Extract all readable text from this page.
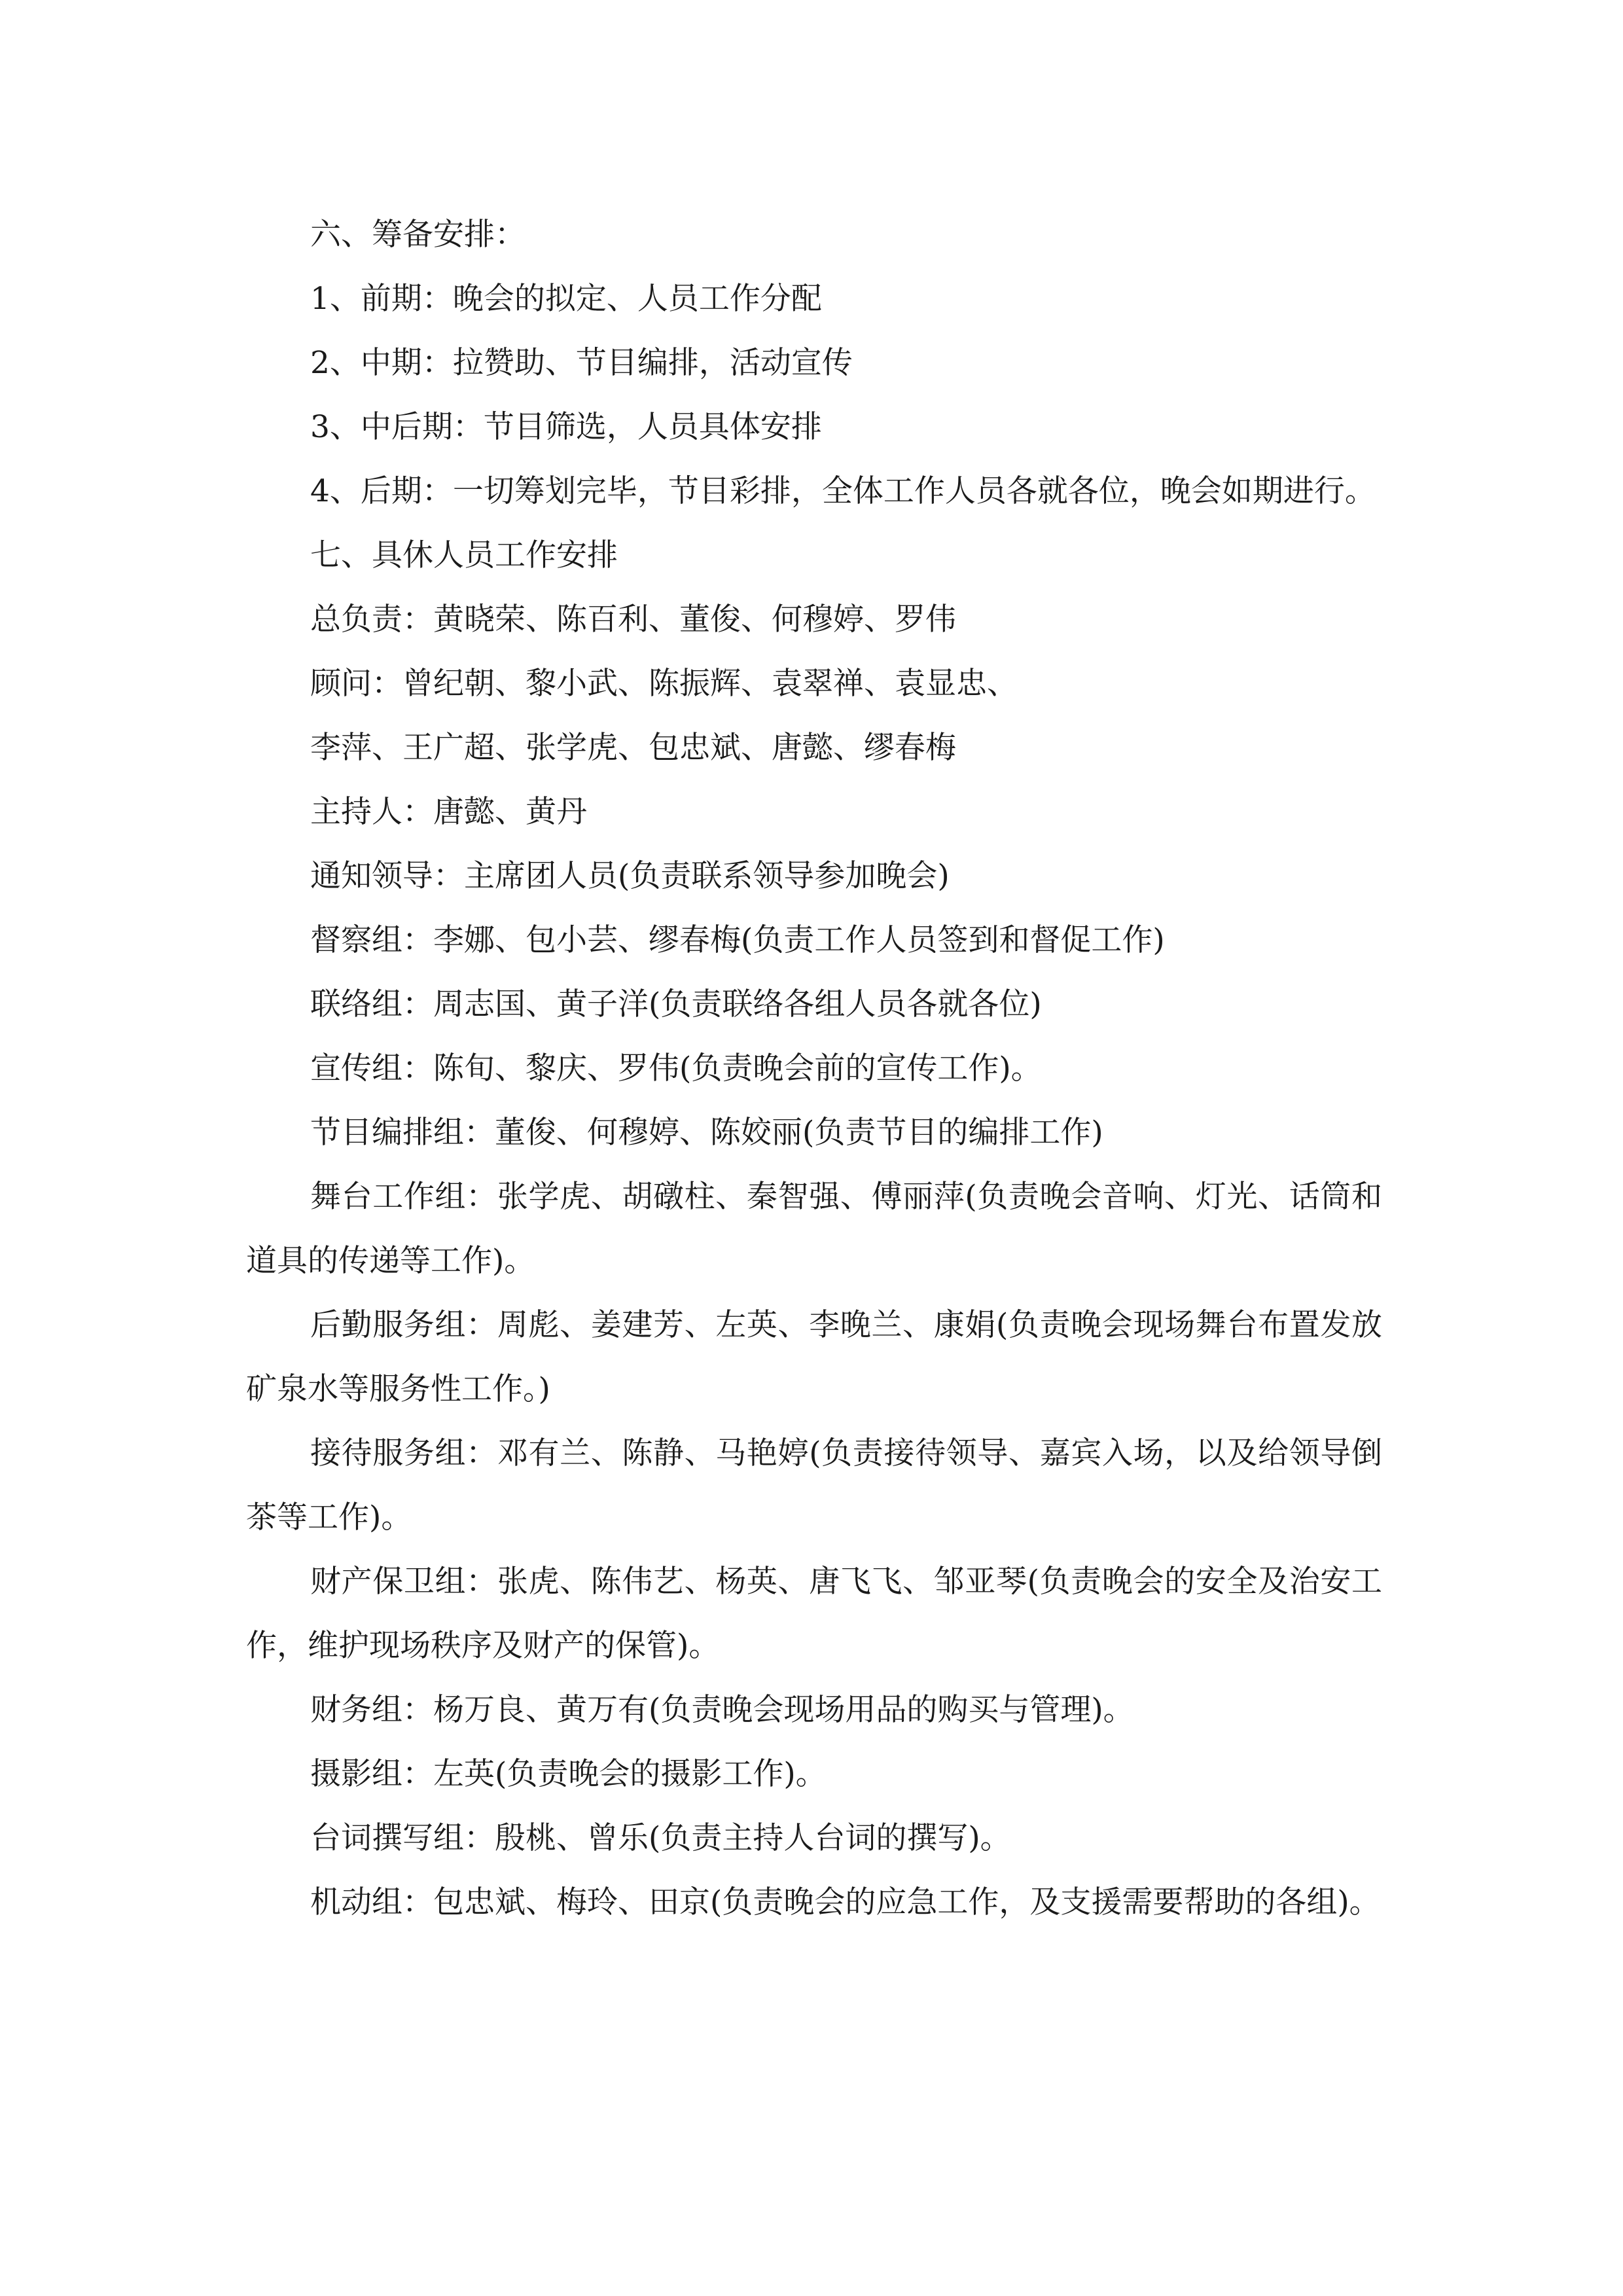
六、筹备安排：

1、前期：晚会的拟定、人员工作分配

2、中期：拉赞助、节目编排，活动宣传

3、中后期：节目筛选，人员具体安排

4、后期：一切筹划完毕，节目彩排，全体工作人员各就各位，晚会如期进行。

七、具休人员工作安排

总负责：黄晓荣、陈百利、董俊、何穆婷、罗伟

顾问：曾纪朝、黎小武、陈振辉、袁翠禅、袁显忠、

李萍、王广超、张学虎、包忠斌、唐懿、缪春梅

主持人：唐懿、黄丹

通知领导：主席团人员(负责联系领导参加晚会)

督察组：李娜、包小芸、缪春梅(负责工作人员签到和督促工作)

联络组：周志国、黄子洋(负责联络各组人员各就各位)

宣传组：陈旬、黎庆、罗伟(负责晚会前的宣传工作)。

节目编排组：董俊、何穆婷、陈姣丽(负责节目的编排工作)

舞台工作组：张学虎、胡礅柱、秦智强、傅丽萍(负责晚会音响、灯光、话筒和道具的传递等工作)。

后勤服务组：周彪、姜建芳、左英、李晚兰、康娟(负责晚会现场舞台布置发放矿泉水等服务性工作。)

接待服务组：邓有兰、陈静、马艳婷(负责接待领导、嘉宾入场，以及给领导倒茶等工作)。

财产保卫组：张虎、陈伟艺、杨英、唐飞飞、邹亚琴(负责晚会的安全及治安工作，维护现场秩序及财产的保管)。

财务组：杨万良、黄万有(负责晚会现场用品的购买与管理)。

摄影组：左英(负责晚会的摄影工作)。

台词撰写组：殷桃、曾乐(负责主持人台词的撰写)。

机动组：包忠斌、梅玲、田京(负责晚会的应急工作，及支援需要帮助的各组)。
